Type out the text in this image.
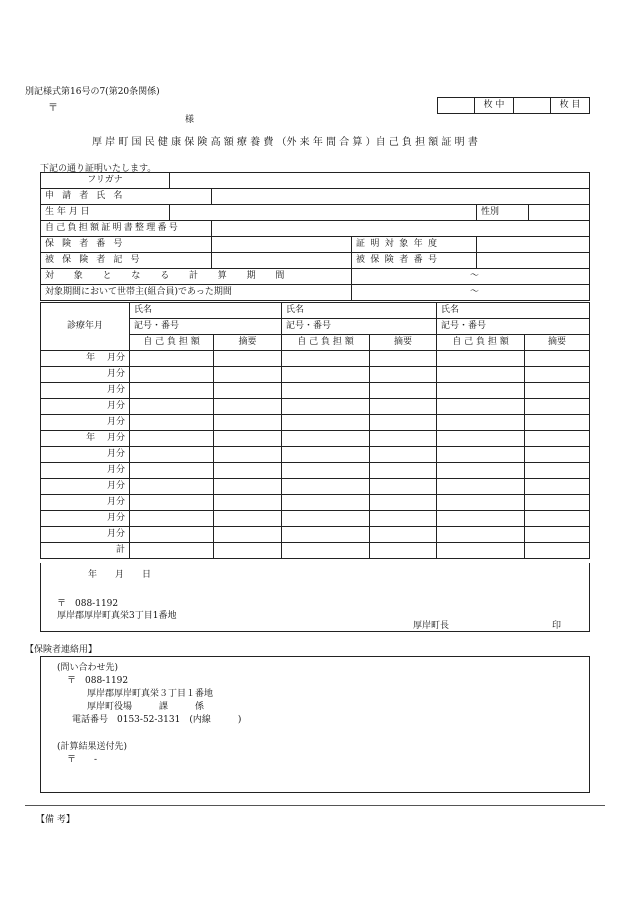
別記様式第16号の7(第20条関係)
〒
様
	枚 中		枚 目
厚 岸 町 国 民 健 康 保 険 高 額 療 養 費 （外 来 年 間 合 算 ）自 己 負 担 額 証 明 書
下記の通り証明いたします。
フリガナ					
申請者氏名					
生 年 月 日				性別	
自己負担額証明書整理番号					
保険者番号			証明対象年度		
被保険者記号			被保険者番号		
対象となる計算期間			～		
対象期間において世帯主(組合員)であった期間			～		
診療年月	氏名		氏名		氏名	
	記号・番号		記号・番号		記号・番号	
	自 己 負 担 額	摘要	自 己 負 担 額	摘要	自 己 負 担 額	摘要
年　 月分						
月分						
月分						
月分						
月分						
年　 月分						
月分						
月分						
月分						
月分						
月分						
月分						
計						
年　　月　　日
〒　088-1192
厚岸郡厚岸町真栄3丁目1番地
厚岸町長	印
【保険者連絡用】
(問い合わせ先)
〒　088-1192
厚岸郡厚岸町真栄３丁目１番地
厚岸町役場　　　課　　　係
電話番号　0153-52-3131　(内線　　　)
(計算結果送付先)
〒　　-
【備 考】
